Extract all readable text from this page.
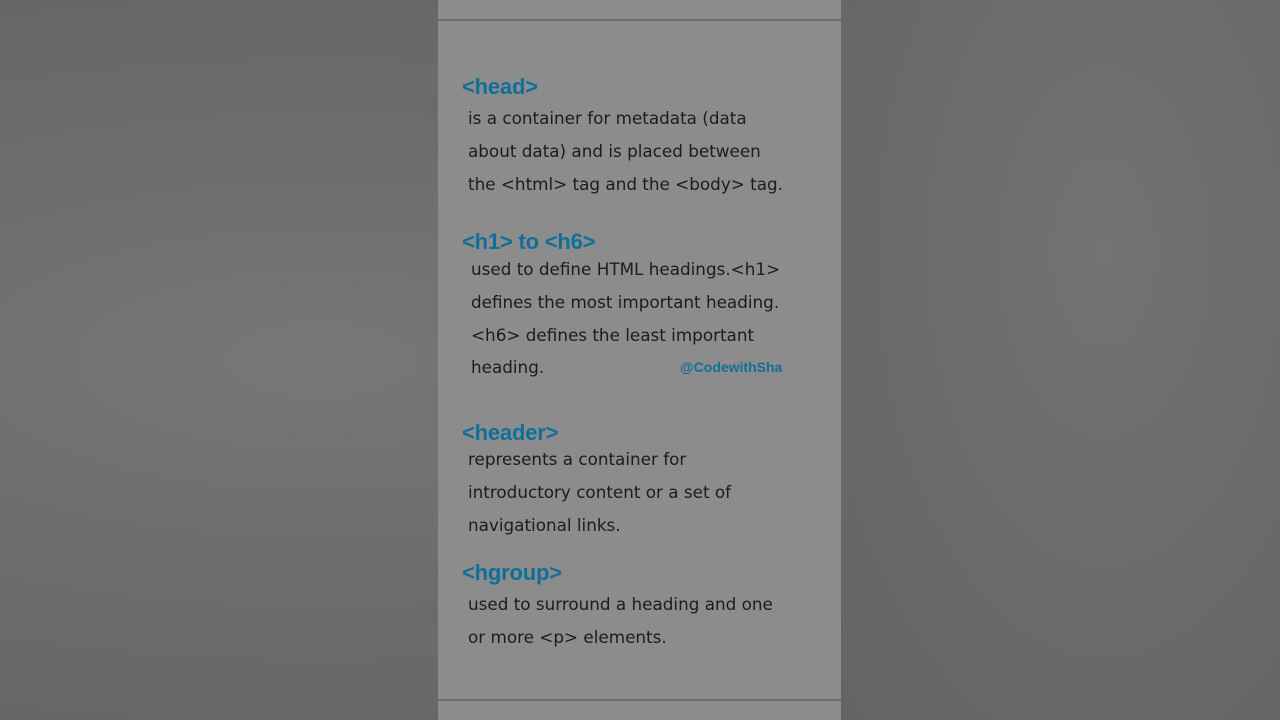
<head>

is a container for metadata (data
about data) and is placed between
the <html> tag and the <body> tag.

<h1> to <h6>

used to define HTML headings.<h1>
defines the most important heading.
<h6> defines the least important
heading.	@CodewithSha
<header>

represents a container for
introductory content or a set of
navigational links.

<hgroup>

used to surround a heading and one
or more <p> elements.
